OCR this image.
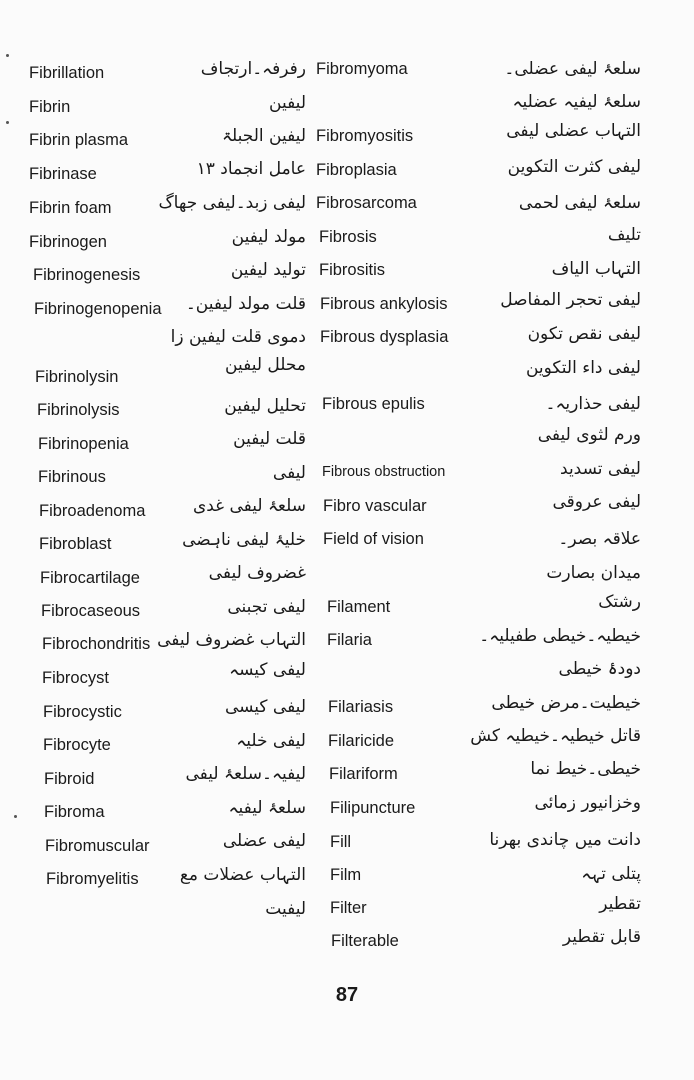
Fibrillation
Fibrin
Fibrin plasma
Fibrinase
Fibrin foam
Fibrinogen
Fibrinogenesis
Fibrinogenopenia
Fibrinolysin
Fibrinolysis
Fibrinopenia
Fibrinous
Fibroadenoma
Fibroblast
Fibrocartilage
Fibrocaseous
Fibrochondritis
Fibrocyst
Fibrocystic
Fibrocyte
Fibroid
Fibroma
Fibromuscular
Fibromyelitis
رفرفہ۔ارتجاف
لیفین
لیفین الجبلۃ
عامل انجماد ۱۳
لیفی زبد۔لیفی جھاگ
مولد لیفین
تولید لیفین
قلت مولد لیفین۔
دموی قلت لیفین زا
محلل لیفین
تحلیل لیفین
قلت لیفین
لیفی
سلعۂ لیفی غدی
خلیۂ لیفی ناہضی
غضروف لیفی
لیفی تجبنی
التہاب غضروف لیفی
لیفی کیسہ
لیفی کیسی
لیفی خلیہ
لیفیہ۔سلعۂ لیفی
سلعۂ لیفیہ
لیفی عضلی
التہاب عضلات مع
لیفیت
Fibromyoma
Fibromyositis
Fibroplasia
Fibrosarcoma
Fibrosis
Fibrositis
Fibrous ankylosis
Fibrous dysplasia
Fibrous epulis
Fibrous obstruction
Fibro vascular
Field of vision
Filament
Filaria
Filariasis
Filaricide
Filariform
Filipuncture
Fill
Film
Filter
Filterable
سلعۂ لیفی عضلی۔
سلعۂ لیفیہ عضلیہ
التہاب عضلی لیفی
لیفی کثرت التکوین
سلعۂ لیفی لحمی
تلیف
التہاب الیاف
لیفی تحجر المفاصل
لیفی نقص تکون
لیفی داء التکوین
لیفی حذاریہ۔
ورم لثوی لیفی
لیفی تسدید
لیفی عروقی
علاقہ بصر۔
میدان بصارت
رشتک
خیطیہ۔خیطی طفیلیہ۔
دودۂ خیطی
خیطیت۔مرض خیطی
قاتل خیطیہ۔خیطیہ کش
خیطی۔خیط نما
وخزانیور زمائی
دانت میں چاندی بھرنا
پتلی تہہ
تقطیر
قابل تقطیر
87
